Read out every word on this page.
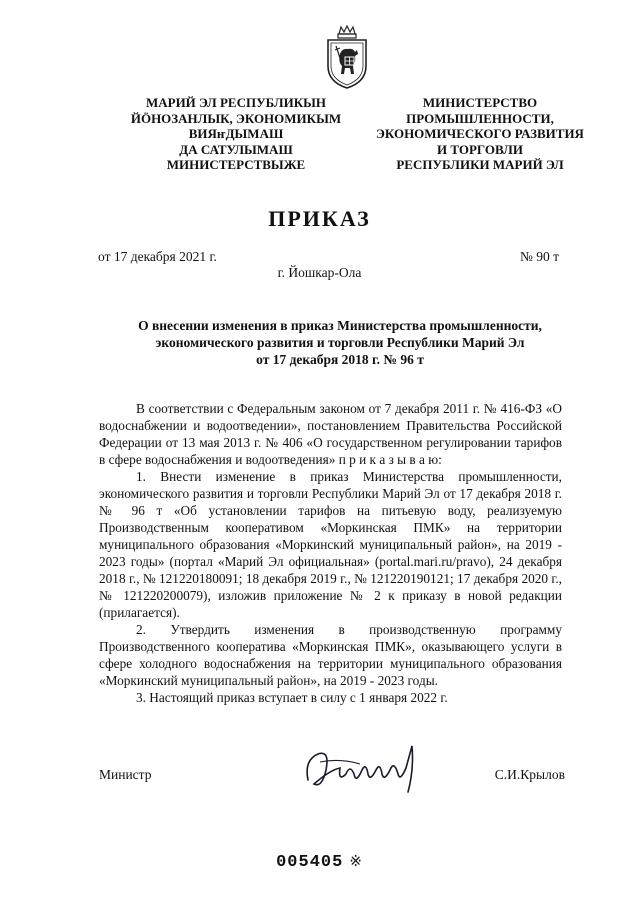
МАРИЙ ЭЛ РЕСПУБЛИКЫН
ЙӦНОЗАНЛЫК, ЭКОНОМИКЫМ
ВИЯҥДЫМАШ
ДА САТУЛЫМАШ
МИНИСТЕРСТВЫЖЕ
МИНИСТЕРСТВО
ПРОМЫШЛЕННОСТИ,
ЭКОНОМИЧЕСКОГО РАЗВИТИЯ
И ТОРГОВЛИ
РЕСПУБЛИКИ МАРИЙ ЭЛ
ПРИКАЗ
от 17 декабря 2021 г.	№ 90 т
г. Йошкар-Ола
О внесении изменения в приказ Министерства промышленности,
экономического развития и торговли Республики Марий Эл
от 17 декабря 2018 г. № 96 т
В соответствии с Федеральным законом от 7 декабря 2011 г. № 416-ФЗ «О водоснабжении и водоотведении», постановлением Правительства Российской Федерации от 13 мая 2013 г. № 406 «О государственном регулировании тарифов в сфере водоснабжения и водоотведения» п р и к а з ы в а ю:
1. Внести изменение в приказ Министерства промышленности, экономического развития и торговли Республики Марий Эл от 17 декабря 2018 г. № 96 т «Об установлении тарифов на питьевую воду, реализуемую Производственным кооперативом «Моркинская ПМК» на территории муниципального образования «Моркинский муниципальный район», на 2019 - 2023 годы» (портал «Марий Эл официальная» (portal.mari.ru/pravo), 24 декабря 2018 г., № 121220180091; 18 декабря 2019 г., № 121220190121; 17 декабря 2020 г., № 121220200079), изложив приложение № 2 к приказу в новой редакции (прилагается).
2. Утвердить изменения в производственную программу Производственного кооператива «Моркинская ПМК», оказывающего услуги в сфере холодного водоснабжения на территории муниципального образования «Моркинский муниципальный район», на 2019 - 2023 годы.
3. Настоящий приказ вступает в силу с 1 января 2022 г.
Министр	С.И.Крылов
005405 ※
